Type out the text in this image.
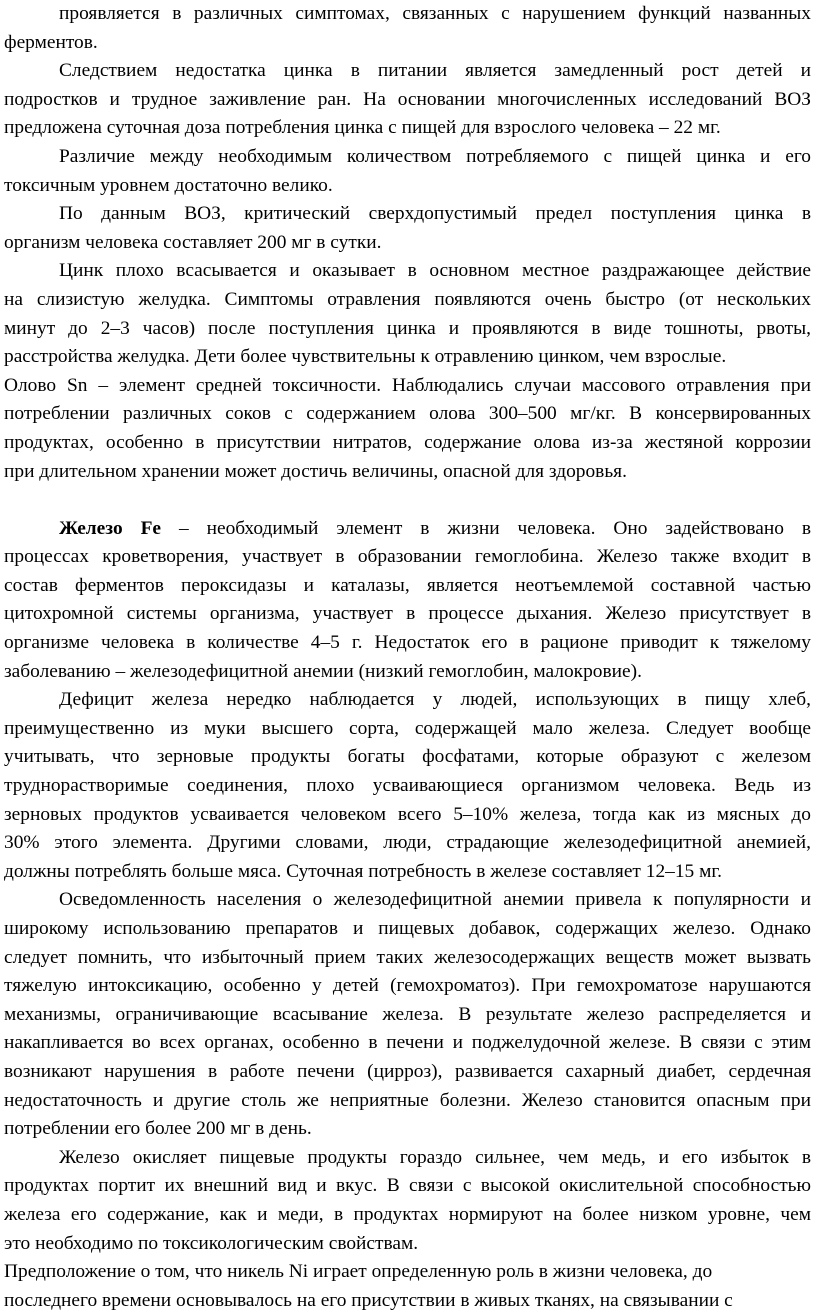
проявляется в различных симптомах, связанных с нарушением функций названных
ферментов.
Следствием недостатка цинка в питании является замедленный рост детей и
подростков и трудное заживление ран. На основании многочисленных исследований ВОЗ
предложена суточная доза потребления цинка с пищей для взрослого человека – 22 мг.
Различие между необходимым количеством потребляемого с пищей цинка и его
токсичным уровнем достаточно велико.
По данным ВОЗ, критический сверхдопустимый предел поступления цинка в
организм человека составляет 200 мг в сутки.
Цинк плохо всасывается и оказывает в основном местное раздражающее действие
на слизистую желудка. Симптомы отравления появляются очень быстро (от нескольких
минут до 2–3 часов) после поступления цинка и проявляются в виде тошноты, рвоты,
расстройства желудка. Дети более чувствительны к отравлению цинком, чем взрослые.
Олово Sn – элемент средней токсичности. Наблюдались случаи массового отравления при
потреблении различных соков с содержанием олова 300–500 мг/кг. В консервированных
продуктах, особенно в присутствии нитратов, содержание олова из-за жестяной коррозии
при длительном хранении может достичь величины, опасной для здоровья.
Железо Fe – необходимый элемент в жизни человека. Оно задействовано в
процессах кроветворения, участвует в образовании гемоглобина. Железо также входит в
состав ферментов пероксидазы и каталазы, является неотъемлемой составной частью
цитохромной системы организма, участвует в процессе дыхания. Железо присутствует в
организме человека в количестве 4–5 г. Недостаток его в рационе приводит к тяжелому
заболеванию – железодефицитной анемии (низкий гемоглобин, малокровие).
Дефицит железа нередко наблюдается у людей, использующих в пищу хлеб,
преимущественно из муки высшего сорта, содержащей мало железа. Следует вообще
учитывать, что зерновые продукты богаты фосфатами, которые образуют с железом
труднорастворимые соединения, плохо усваивающиеся организмом человека. Ведь из
зерновых продуктов усваивается человеком всего 5–10% железа, тогда как из мясных до
30% этого элемента. Другими словами, люди, страдающие железодефицитной анемией,
должны потреблять больше мяса. Суточная потребность в железе составляет 12–15 мг.
Осведомленность населения о железодефицитной анемии привела к популярности и
широкому использованию препаратов и пищевых добавок, содержащих железо. Однако
следует помнить, что избыточный прием таких железосодержащих веществ может вызвать
тяжелую интоксикацию, особенно у детей (гемохроматоз). При гемохроматозе нарушаются
механизмы, ограничивающие всасывание железа. В результате железо распределяется и
накапливается во всех органах, особенно в печени и поджелудочной железе. В связи с этим
возникают нарушения в работе печени (цирроз), развивается сахарный диабет, сердечная
недостаточность и другие столь же неприятные болезни. Железо становится опасным при
потреблении его более 200 мг в день.
Железо окисляет пищевые продукты гораздо сильнее, чем медь, и его избыток в
продуктах портит их внешний вид и вкус. В связи с высокой окислительной способностью
железа его содержание, как и меди, в продуктах нормируют на более низком уровне, чем
это необходимо по токсикологическим свойствам.
Предположение о том, что никель Ni играет определенную роль в жизни человека, до
последнего времени основывалось на его присутствии в живых тканях, на связывании с
